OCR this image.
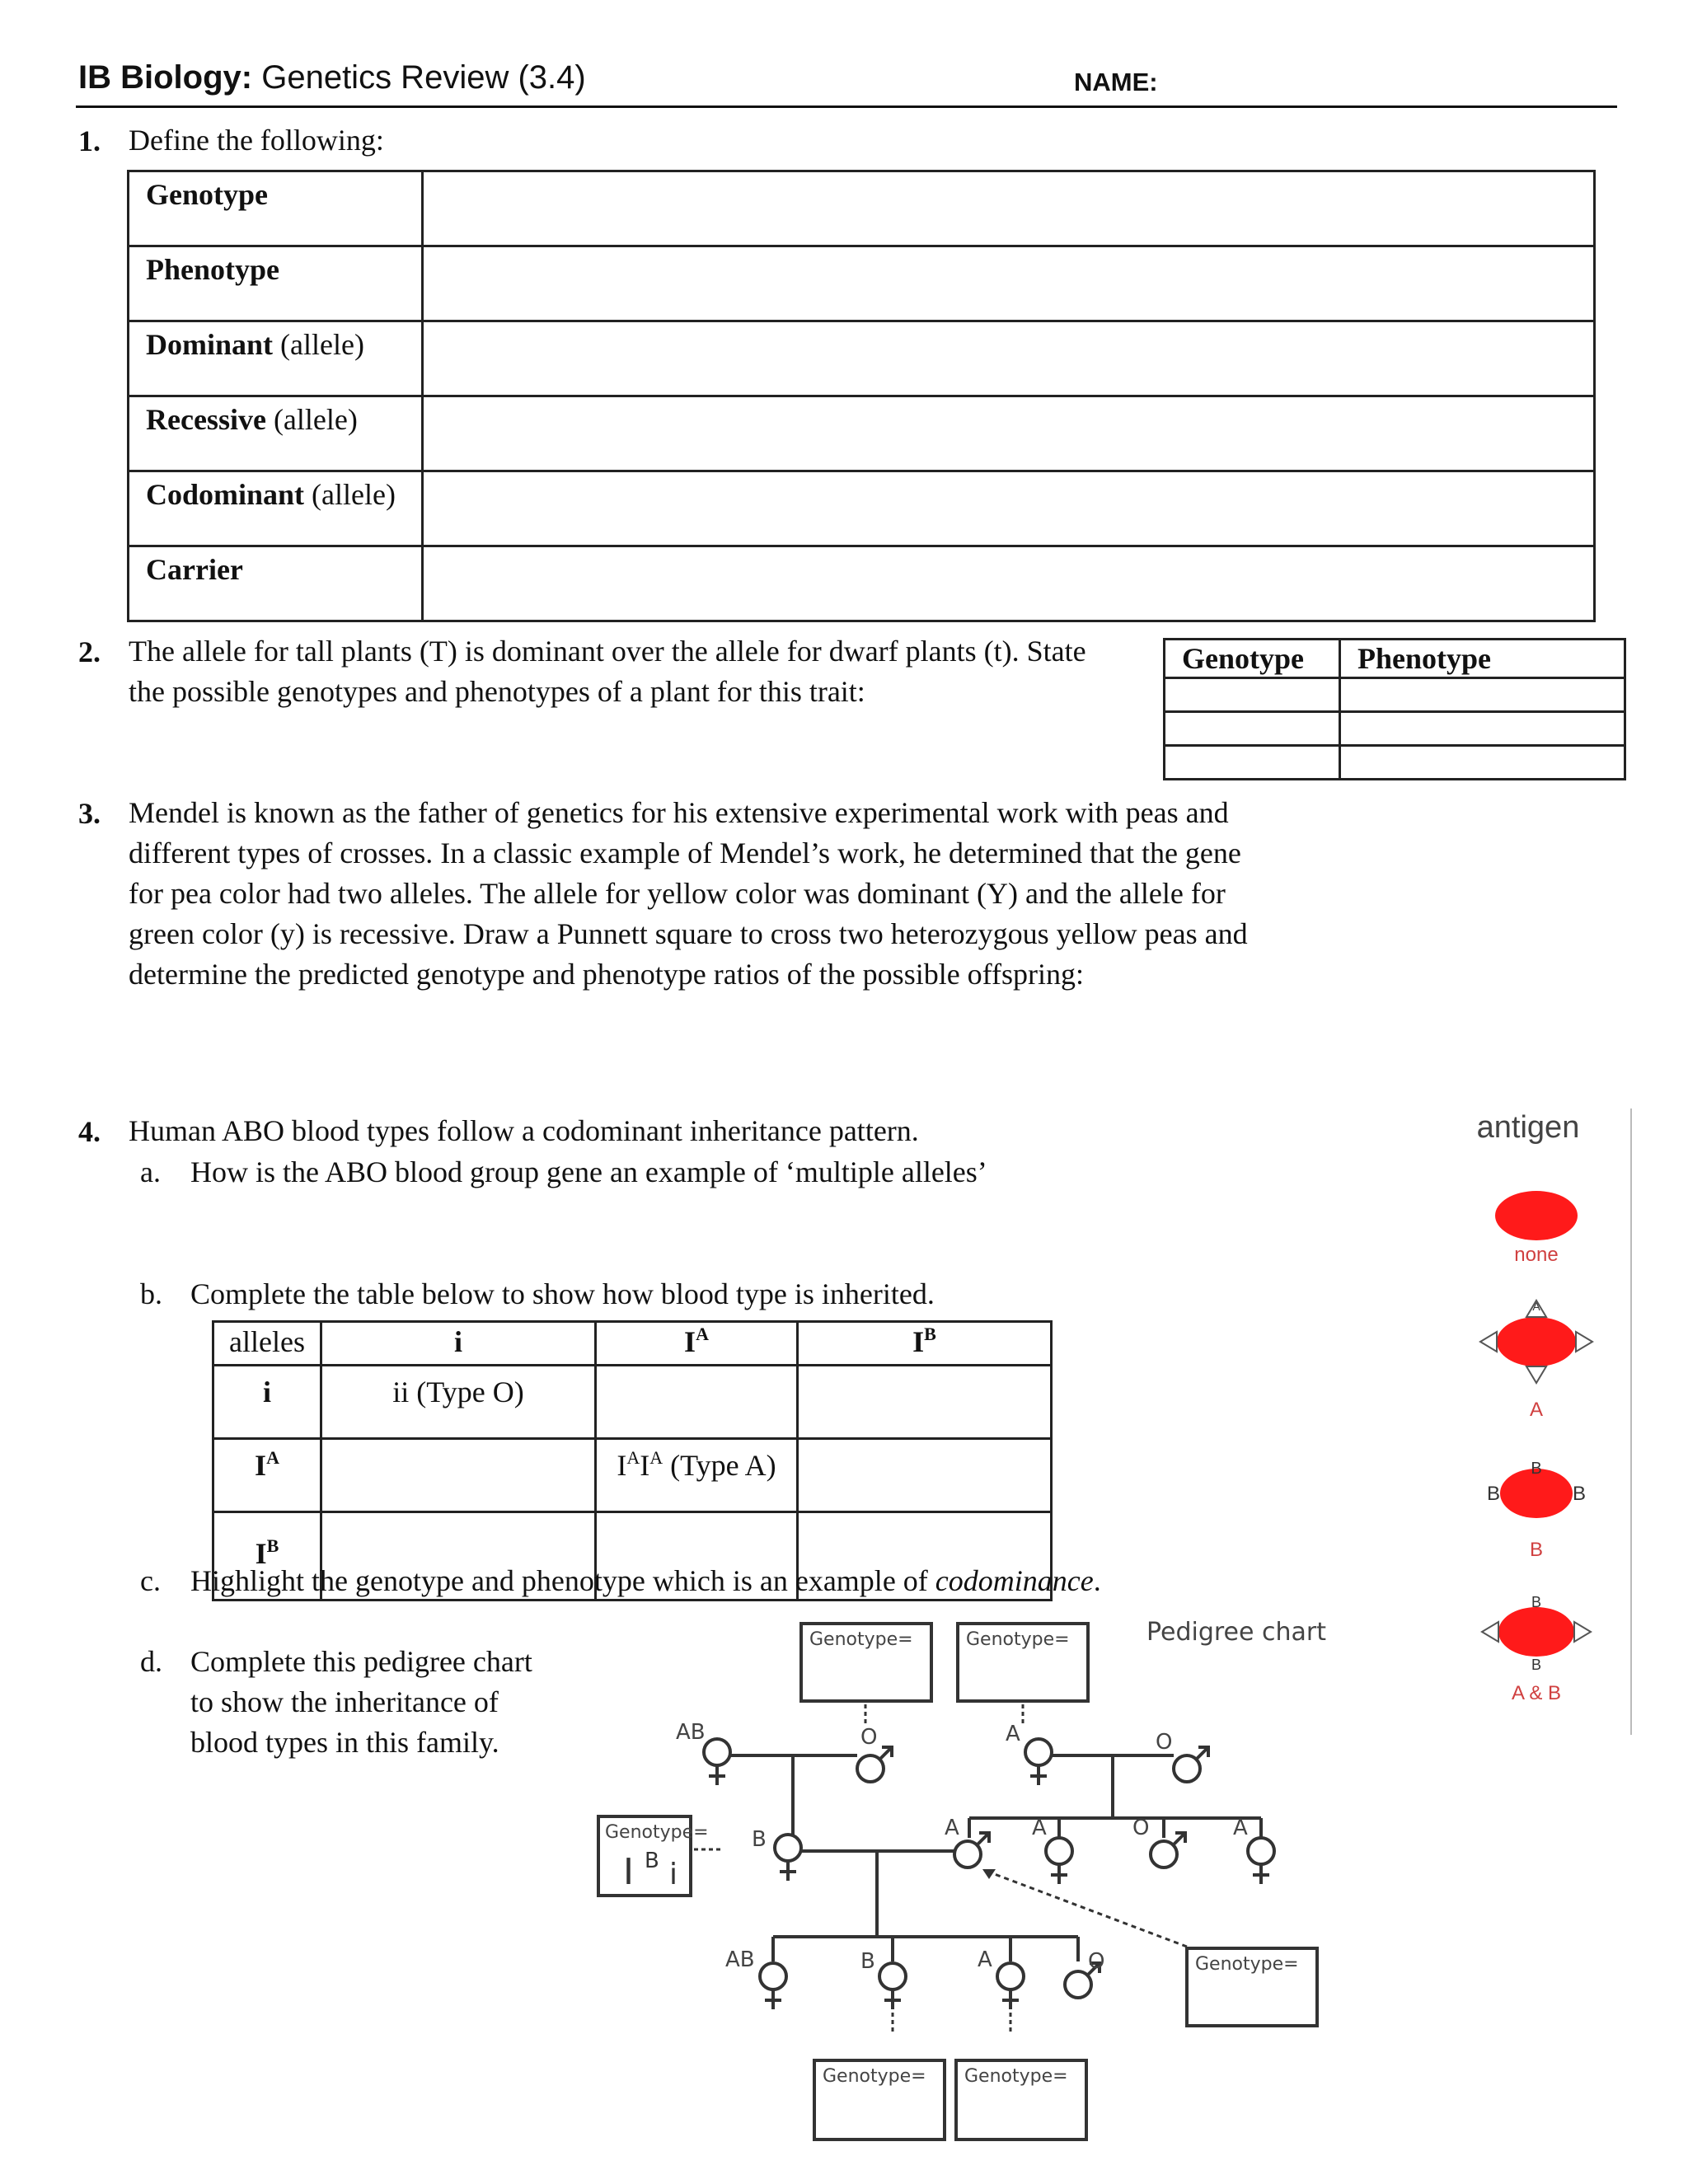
IB Biology: Genetics Review (3.4)	NAME:
1. Define the following:
Genotype	
Phenotype	
Dominant (allele)	
Recessive (allele)	
Codominant (allele)	
Carrier	
2. The allele for tall plants (T) is dominant over the allele for dwarf plants (t). State
the possible genotypes and phenotypes of a plant for this trait:
Genotype	Phenotype

3. Mendel is known as the father of genetics for his extensive experimental work with peas and
different types of crosses. In a classic example of Mendel’s work, he determined that the gene
for pea color had two alleles. The allele for yellow color was dominant (Y) and the allele for
green color (y) is recessive. Draw a Punnett square to cross two heterozygous yellow peas and
determine the predicted genotype and phenotype ratios of the possible offspring:
4. Human ABO blood types follow a codominant inheritance pattern.
a. How is the ABO blood group gene an example of ‘multiple alleles’
b. Complete the table below to show how blood type is inherited.
alleles	i	$I^A$	$I^B$
i	ii (Type O)		
$I^A$		$I^AI^A$ (Type A)	
$I^B$			
c. Highlight the genotype and phenotype which is an example of codominance.
d. Complete this pedigree chart
to show the inheritance of
blood types in this family.
antigen
none
A
A
B
B	B
B
B
B
A & B
Pedigree chart
Genotype=	Genotype=
AB	O	A	O
Genotype=
I B i
B	A	A	O	A
Genotype=
AB	B	A	O
Genotype= Genotype=
